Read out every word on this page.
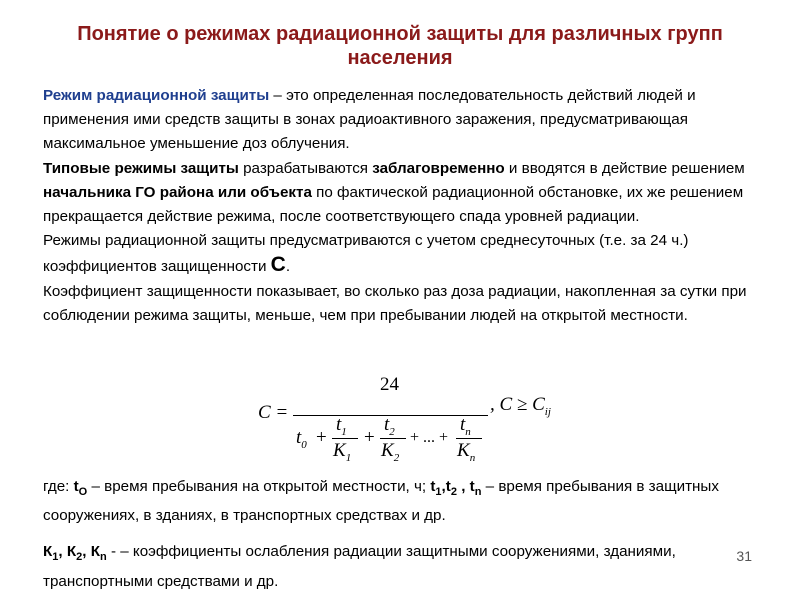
Понятие о режимах радиационной защиты для различных групп населения

Режим радиационной защиты – это определенная последовательность действий людей и применения ими средств защиты в зонах радиоактивного заражения, предусматривающая максимальное уменьшение доз облучения.

Типовые режимы защиты разрабатываются заблаговременно и вводятся в действие решением начальника ГО района или объекта по фактической радиационной обстановке, их же решением прекращается действие режима, после соответствующего спада уровней радиации.

Режимы радиационной защиты предусматриваются с учетом среднесуточных (т.е. за 24 ч.) коэффициентов защищенности С.

Коэффициент защищенности показывает, во сколько раз доза радиации, накопленная за сутки при соблюдении режима защиты, меньше, чем при пребывании людей на открытой местности.

C =
24
$t_0$ +
$t_1$
$K_1$
+
$t_2$
$K_2$
+ ... +
$t_n$
$K_n$
, $C \ge C_{ij}$

где: $t_O$ – время пребывания на открытой местности, ч; $t_1,t_2$ , $t_n$ – время пребывания в защитных сооружениях, в зданиях, в транспортных средствах и др.

$К_1$, $К_2$, $К_n$ - – коэффициенты ослабления радиации защитными сооружениями, зданиями, транспортными средствами и др.

31
